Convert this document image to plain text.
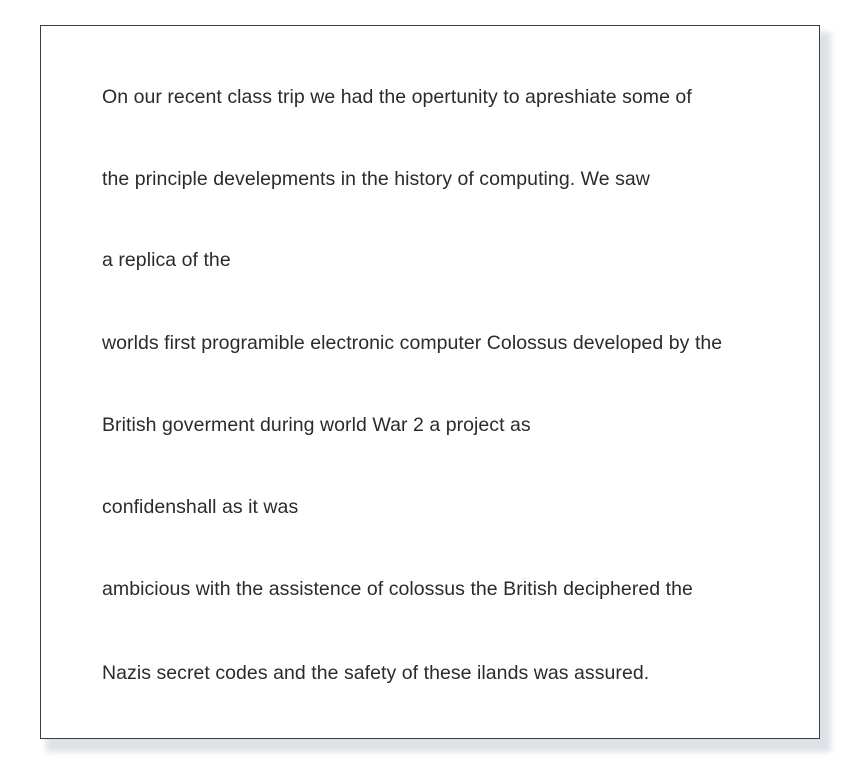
On our recent class trip we had the opertunity to apreshiate some of

the principle develepments in the history of computing. We saw

a replica of the

worlds first programible electronic computer Colossus developed by the

British goverment during world War 2 a project as

confidenshall as it was

ambicious with the assistence of colossus the British deciphered the

Nazis secret codes and the safety of these ilands was assured.
